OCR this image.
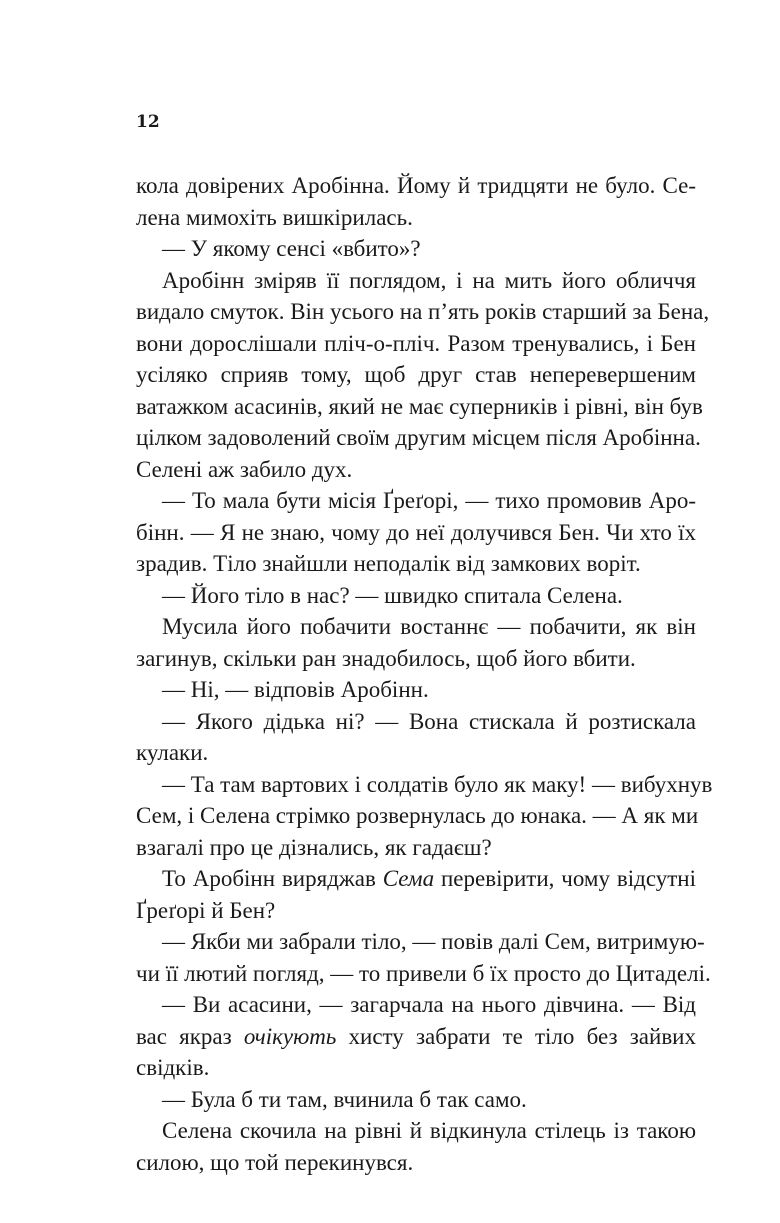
12
кола довірених Аробінна. Йому й тридцяти не було. Се-
лена мимохіть вишкірилась.
— У якому сенсі «вбито»?
Аробінн зміряв її поглядом, і на мить його обличчя
видало смуток. Він усього на п’ять років старший за Бена,
вони дорослішали пліч-о-пліч. Разом тренувались, і Бен
усіляко сприяв тому, щоб друг став неперевершеним
ватажком асасинів, який не має суперників і рівні, він був
цілком задоволений своїм другим місцем після Аробінна.
Селені аж забило дух.
— То мала бути місія Ґреґорі, — тихо промовив Аро-
бінн. — Я не знаю, чому до неї долучився Бен. Чи хто їх
зрадив. Тіло знайшли неподалік від замкових воріт.
— Його тіло в нас? — швидко спитала Селена.
Мусила його побачити востаннє — побачити, як він
загинув, скільки ран знадобилось, щоб його вбити.
— Ні, — відповів Аробінн.
— Якого дідька ні? — Вона стискала й розтискала
кулаки.
— Та там вартових і солдатів було як маку! — вибухнув
Сем, і Селена стрімко розвернулась до юнака. — А як ми
взагалі про це дізнались, як гадаєш?
То Аробінн виряджав Сема перевірити, чому відсутні
Ґреґорі й Бен?
— Якби ми забрали тіло, — повів далі Сем, витримую-
чи її лютий погляд, — то привели б їх просто до Цитаделі.
— Ви асасини, — загарчала на нього дівчина. — Від
вас якраз очікують хисту забрати те тіло без зайвих
свідків.
— Була б ти там, вчинила б так само.
Селена скочила на рівні й відкинула стілець із такою
силою, що той перекинувся.
